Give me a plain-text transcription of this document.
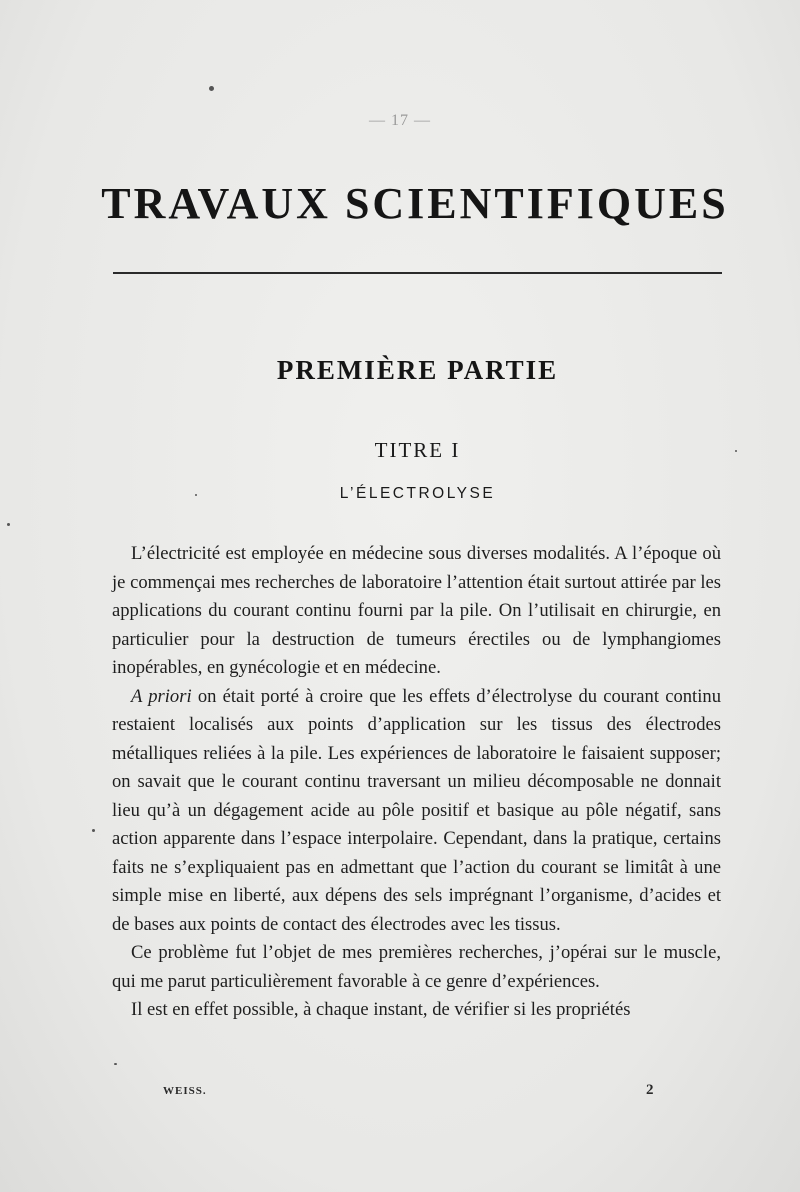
— 17 —
TRAVAUX SCIENTIFIQUES
PREMIÈRE PARTIE
TITRE I
L’ÉLECTROLYSE

L’électricité est employée en médecine sous diverses modalités. A l’époque où je commençai mes recherches de laboratoire l’attention était surtout attirée par les applications du courant continu fourni par la pile. On l’utilisait en chirurgie, en particulier pour la destruction de tumeurs érectiles ou de lymphangiomes inopérables, en gynécologie et en médecine.

A priori on était porté à croire que les effets d’électrolyse du courant continu restaient localisés aux points d’application sur les tissus des électrodes métalliques reliées à la pile. Les expériences de laboratoire le faisaient supposer; on savait que le courant continu traversant un milieu décomposable ne donnait lieu qu’à un dégagement acide au pôle positif et basique au pôle négatif, sans action apparente dans l’espace interpolaire. Cependant, dans la pratique, certains faits ne s’expliquaient pas en admettant que l’action du courant se limitât à une simple mise en liberté, aux dépens des sels imprégnant l’organisme, d’acides et de bases aux points de contact des électrodes avec les tissus.

Ce problème fut l’objet de mes premières recherches, j’opérai sur le muscle, qui me parut particulièrement favorable à ce genre d’expériences.

Il est en effet possible, à chaque instant, de vérifier si les propriétés

WEISS.	2
